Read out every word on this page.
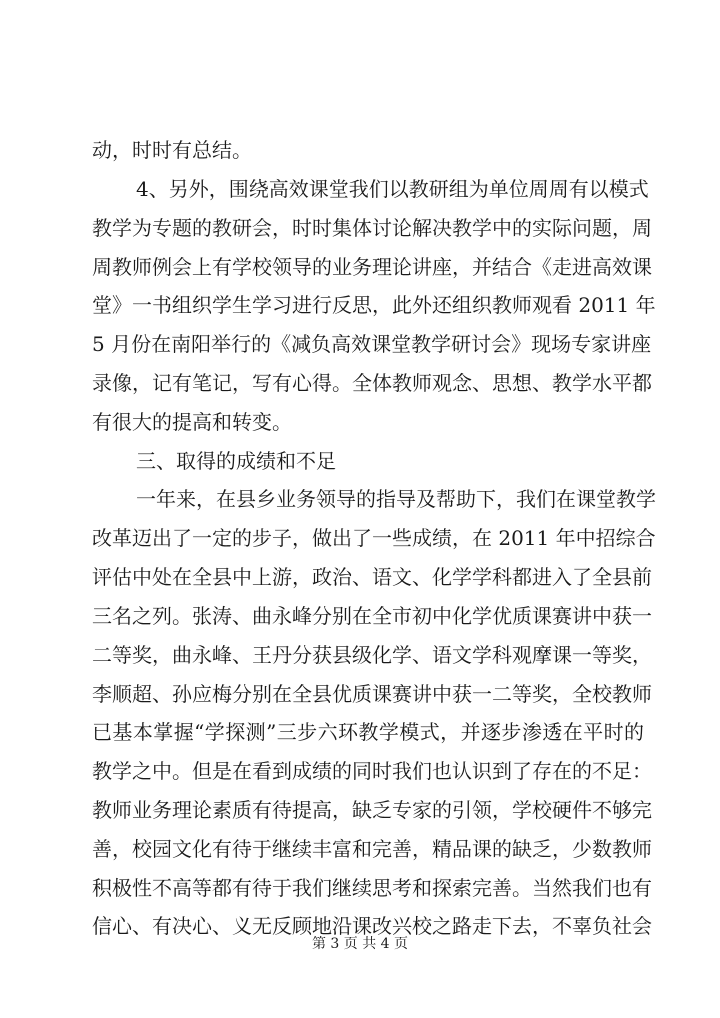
动，时时有总结。
4、另外，围绕高效课堂我们以教研组为单位周周有以模式
教学为专题的教研会，时时集体讨论解决教学中的实际问题，周
周教师例会上有学校领导的业务理论讲座，并结合《走进高效课
堂》一书组织学生学习进行反思，此外还组织教师观看 2011 年
5 月份在南阳举行的《减负高效课堂教学研讨会》现场专家讲座
录像，记有笔记，写有心得。全体教师观念、思想、教学水平都
有很大的提高和转变。
三、取得的成绩和不足
一年来，在县乡业务领导的指导及帮助下，我们在课堂教学
改革迈出了一定的步子，做出了一些成绩，在 2011 年中招综合
评估中处在全县中上游，政治、语文、化学学科都进入了全县前
三名之列。张涛、曲永峰分别在全市初中化学优质课赛讲中获一
二等奖，曲永峰、王丹分获县级化学、语文学科观摩课一等奖，
李顺超、孙应梅分别在全县优质课赛讲中获一二等奖，全校教师
已基本掌握“学探测”三步六环教学模式，并逐步渗透在平时的
教学之中。但是在看到成绩的同时我们也认识到了存在的不足：
教师业务理论素质有待提高，缺乏专家的引领，学校硬件不够完
善，校园文化有待于继续丰富和完善，精品课的缺乏，少数教师
积极性不高等都有待于我们继续思考和探索完善。当然我们也有
信心、有决心、义无反顾地沿课改兴校之路走下去，不辜负社会
第 3 页 共 4 页
